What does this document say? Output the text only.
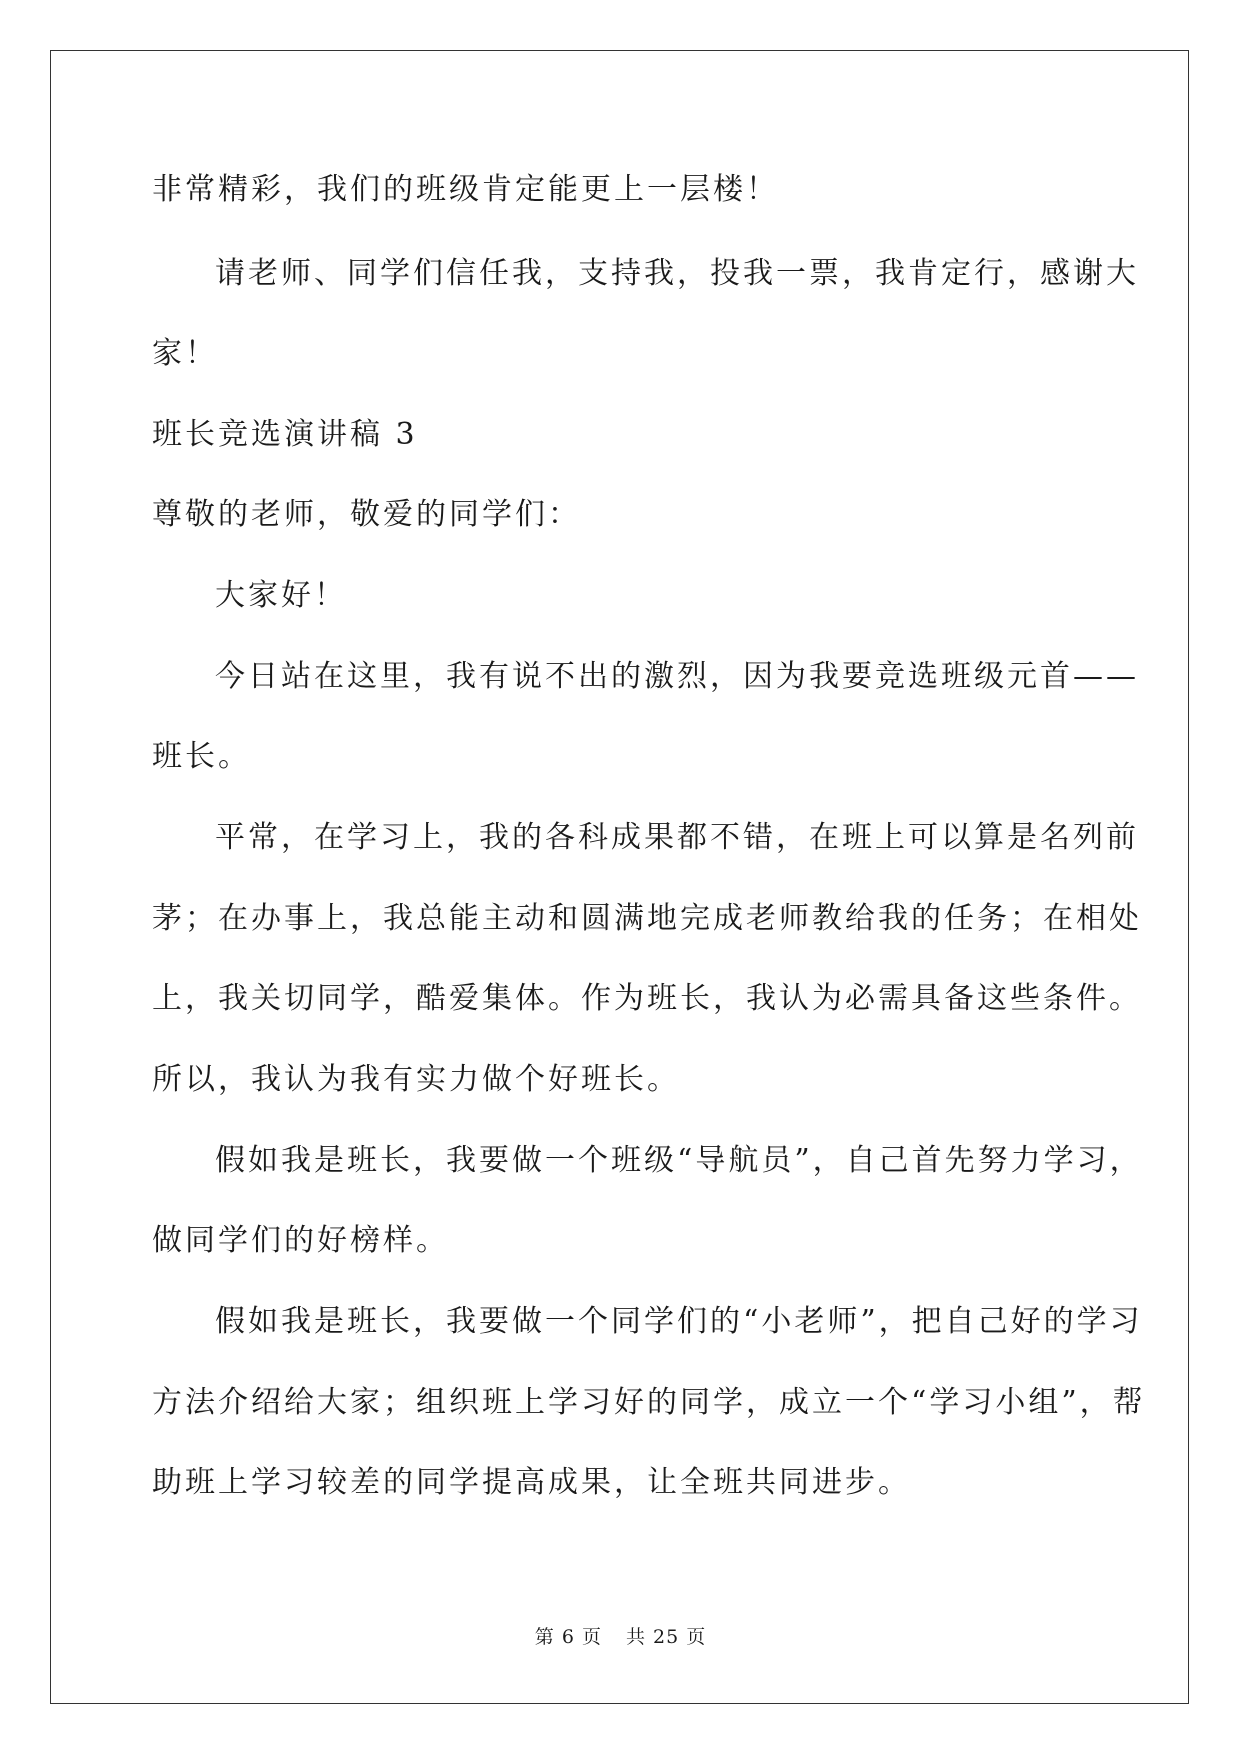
非常精彩，我们的班级肯定能更上一层楼！
请老师、同学们信任我，支持我，投我一票，我肯定行，感谢大
家！
班长竞选演讲稿 3
尊敬的老师，敬爱的同学们：
大家好！
今日站在这里，我有说不出的激烈，因为我要竞选班级元首——
班长。
平常，在学习上，我的各科成果都不错，在班上可以算是名列前
茅；在办事上，我总能主动和圆满地完成老师教给我的任务；在相处
上，我关切同学，酷爱集体。作为班长，我认为必需具备这些条件。
所以，我认为我有实力做个好班长。
假如我是班长，我要做一个班级“导航员”，自己首先努力学习，
做同学们的好榜样。
假如我是班长，我要做一个同学们的“小老师”，把自己好的学习
方法介绍给大家；组织班上学习好的同学，成立一个“学习小组”，帮
助班上学习较差的同学提高成果，让全班共同进步。
第 6 页 共 25 页
